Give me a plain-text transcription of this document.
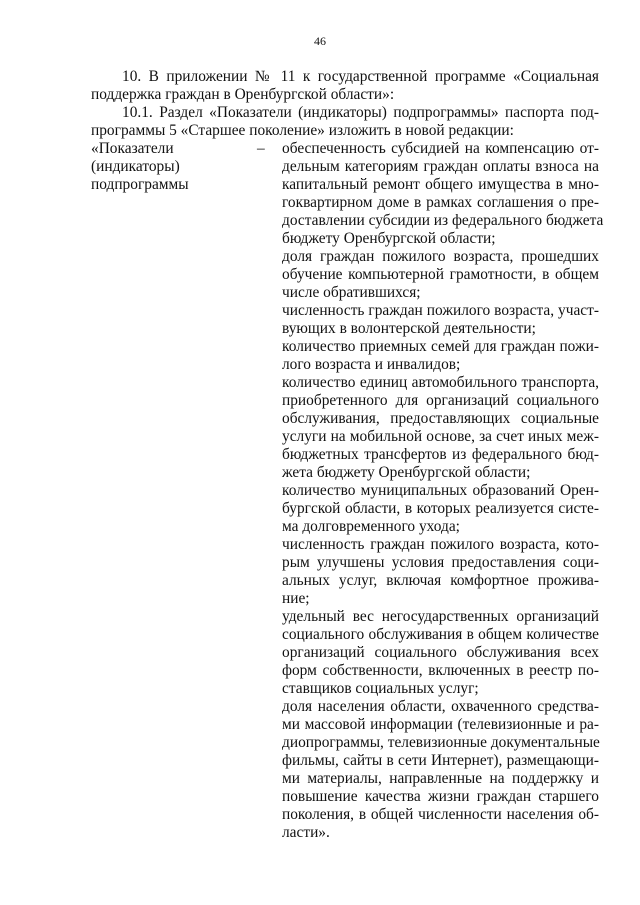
46
10. В приложении № 11 к государственной программе «Социальная
поддержка граждан в Оренбургской области»:
10.1. Раздел «Показатели (индикаторы) подпрограммы» паспорта под-
программы 5 «Старшее поколение» изложить в новой редакции:
«Показатели
(индикаторы)
подпрограммы
– обеспеченность субсидией на компенсацию от-
дельным категориям граждан оплаты взноса на
капитальный ремонт общего имущества в мно-
гоквартирном доме в рамках соглашения о пре-
доставлении субсидии из федерального бюджета
бюджету Оренбургской области;
доля граждан пожилого возраста, прошедших
обучение компьютерной грамотности, в общем
числе обратившихся;
численность граждан пожилого возраста, участ-
вующих в волонтерской деятельности;
количество приемных семей для граждан пожи-
лого возраста и инвалидов;
количество единиц автомобильного транспорта,
приобретенного для организаций социального
обслуживания, предоставляющих социальные
услуги на мобильной основе, за счет иных меж-
бюджетных трансфертов из федерального бюд-
жета бюджету Оренбургской области;
количество муниципальных образований Орен-
бургской области, в которых реализуется систе-
ма долговременного ухода;
численность граждан пожилого возраста, кото-
рым улучшены условия предоставления соци-
альных услуг, включая комфортное прожива-
ние;
удельный вес негосударственных организаций
социального обслуживания в общем количестве
организаций социального обслуживания всех
форм собственности, включенных в реестр по-
ставщиков социальных услуг;
доля населения области, охваченного средства-
ми массовой информации (телевизионные и ра-
диопрограммы, телевизионные документальные
фильмы, сайты в сети Интернет), размещающи-
ми материалы, направленные на поддержку и
повышение качества жизни граждан старшего
поколения, в общей численности населения об-
ласти».
